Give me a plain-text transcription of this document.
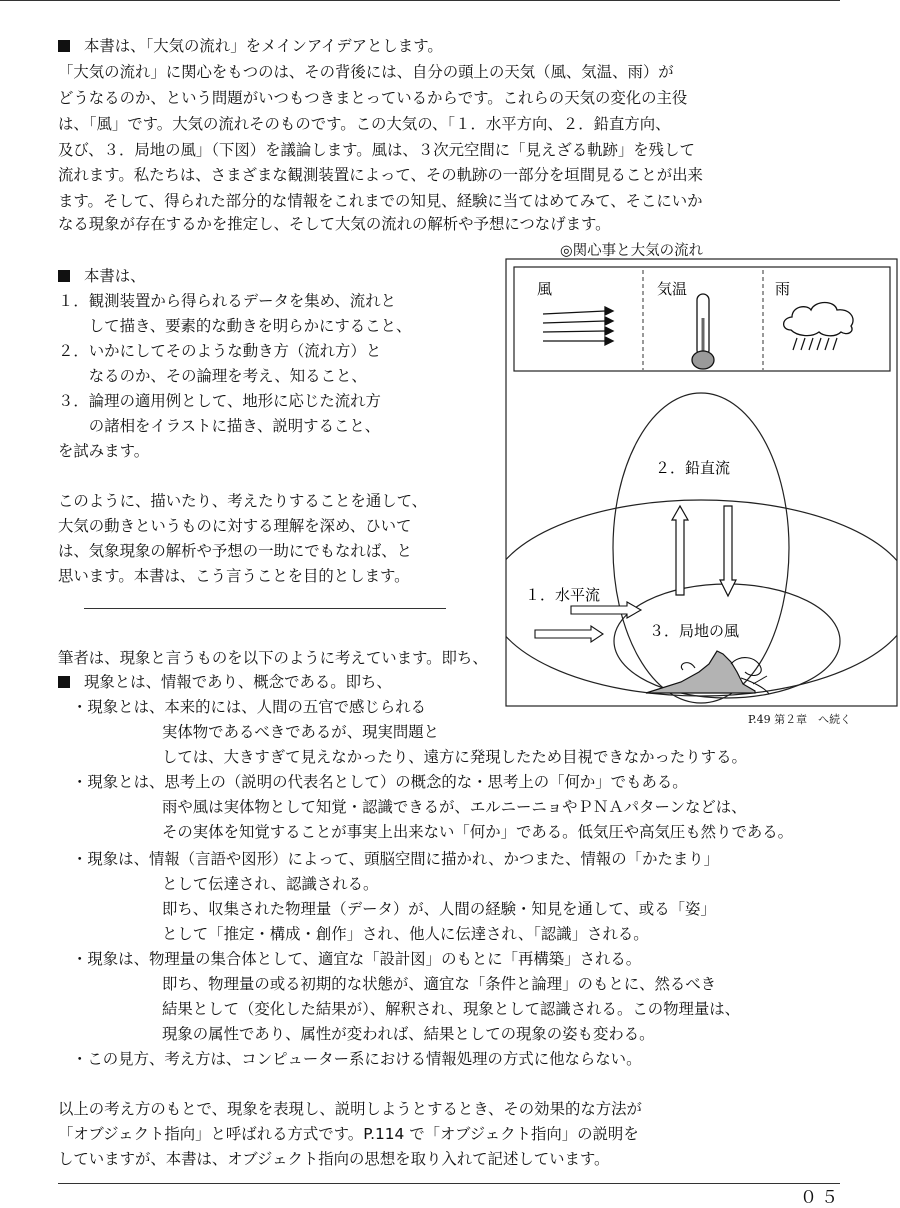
本書は、「大気の流れ」をメインアイデアとします。
「大気の流れ」に関心をもつのは、その背後には、自分の頭上の天気（風、気温、雨）が
どうなるのか、という問題がいつもつきまとっているからです。これらの天気の変化の主役
は、「風」です。大気の流れそのものです。この大気の、「１．水平方向、２．鉛直方向、
及び、３．局地の風」（下図）を議論します。風は、３次元空間に「見えざる軌跡」を残して
流れます。私たちは、さまざまな観測装置によって、その軌跡の一部分を垣間見ることが出来
ます。そして、得られた部分的な情報をこれまでの知見、経験に当てはめてみて、そこにいか
なる現象が存在するかを推定し、そして大気の流れの解析や予想につなげます。
◎関心事と大気の流れ
本書は、
１．観測装置から得られるデータを集め、流れと
　　して描き、要素的な動きを明らかにすること、
２．いかにしてそのような動き方（流れ方）と
　　なるのか、その論理を考え、知ること、
３．論理の適用例として、地形に応じた流れ方
　　の諸相をイラストに描き、説明すること、
を試みます。
このように、描いたり、考えたりすることを通して、
大気の動きというものに対する理解を深め、ひいて
は、気象現象の解析や予想の一助にでもなれば、と
思います。本書は、こう言うことを目的とします。
筆者は、現象と言うものを以下のように考えています。即ち、
現象とは、情報であり、概念である。即ち、
・現象とは、本来的には、人間の五官で感じられる
実体物であるべきであるが、現実問題と
しては、大きすぎて見えなかったり、遠方に発現したため目視できなかったりする。
・現象とは、思考上の（説明の代表名として）の概念的な・思考上の「何か」でもある。
雨や風は実体物として知覚・認識できるが、エルニーニョやＰＮＡパターンなどは、
その実体を知覚することが事実上出来ない「何か」である。低気圧や高気圧も然りである。
・現象は、情報（言語や図形）によって、頭脳空間に描かれ、かつまた、情報の「かたまり」
として伝達され、認識される。
即ち、収集された物理量（データ）が、人間の経験・知見を通して、或る「姿」
として「推定・構成・創作」され、他人に伝達され、「認識」される。
・現象は、物理量の集合体として、適宜な「設計図」のもとに「再構築」される。
即ち、物理量の或る初期的な状態が、適宜な「条件と論理」のもとに、然るべき
結果として（変化した結果が）、解釈され、現象として認識される。この物理量は、
現象の属性であり、属性が変われば、結果としての現象の姿も変わる。
・この見方、考え方は、コンピューター系における情報処理の方式に他ならない。
以上の考え方のもとで、現象を表現し、説明しようとするとき、その効果的な方法が
「オブジェクト指向」と呼ばれる方式です。P.114 で「オブジェクト指向」の説明を
していますが、本書は、オブジェクト指向の思想を取り入れて記述しています。
０５
風	気温	雨
２．鉛直流
１．水平流
３．局地の風
P.49 第２章　へ続く
